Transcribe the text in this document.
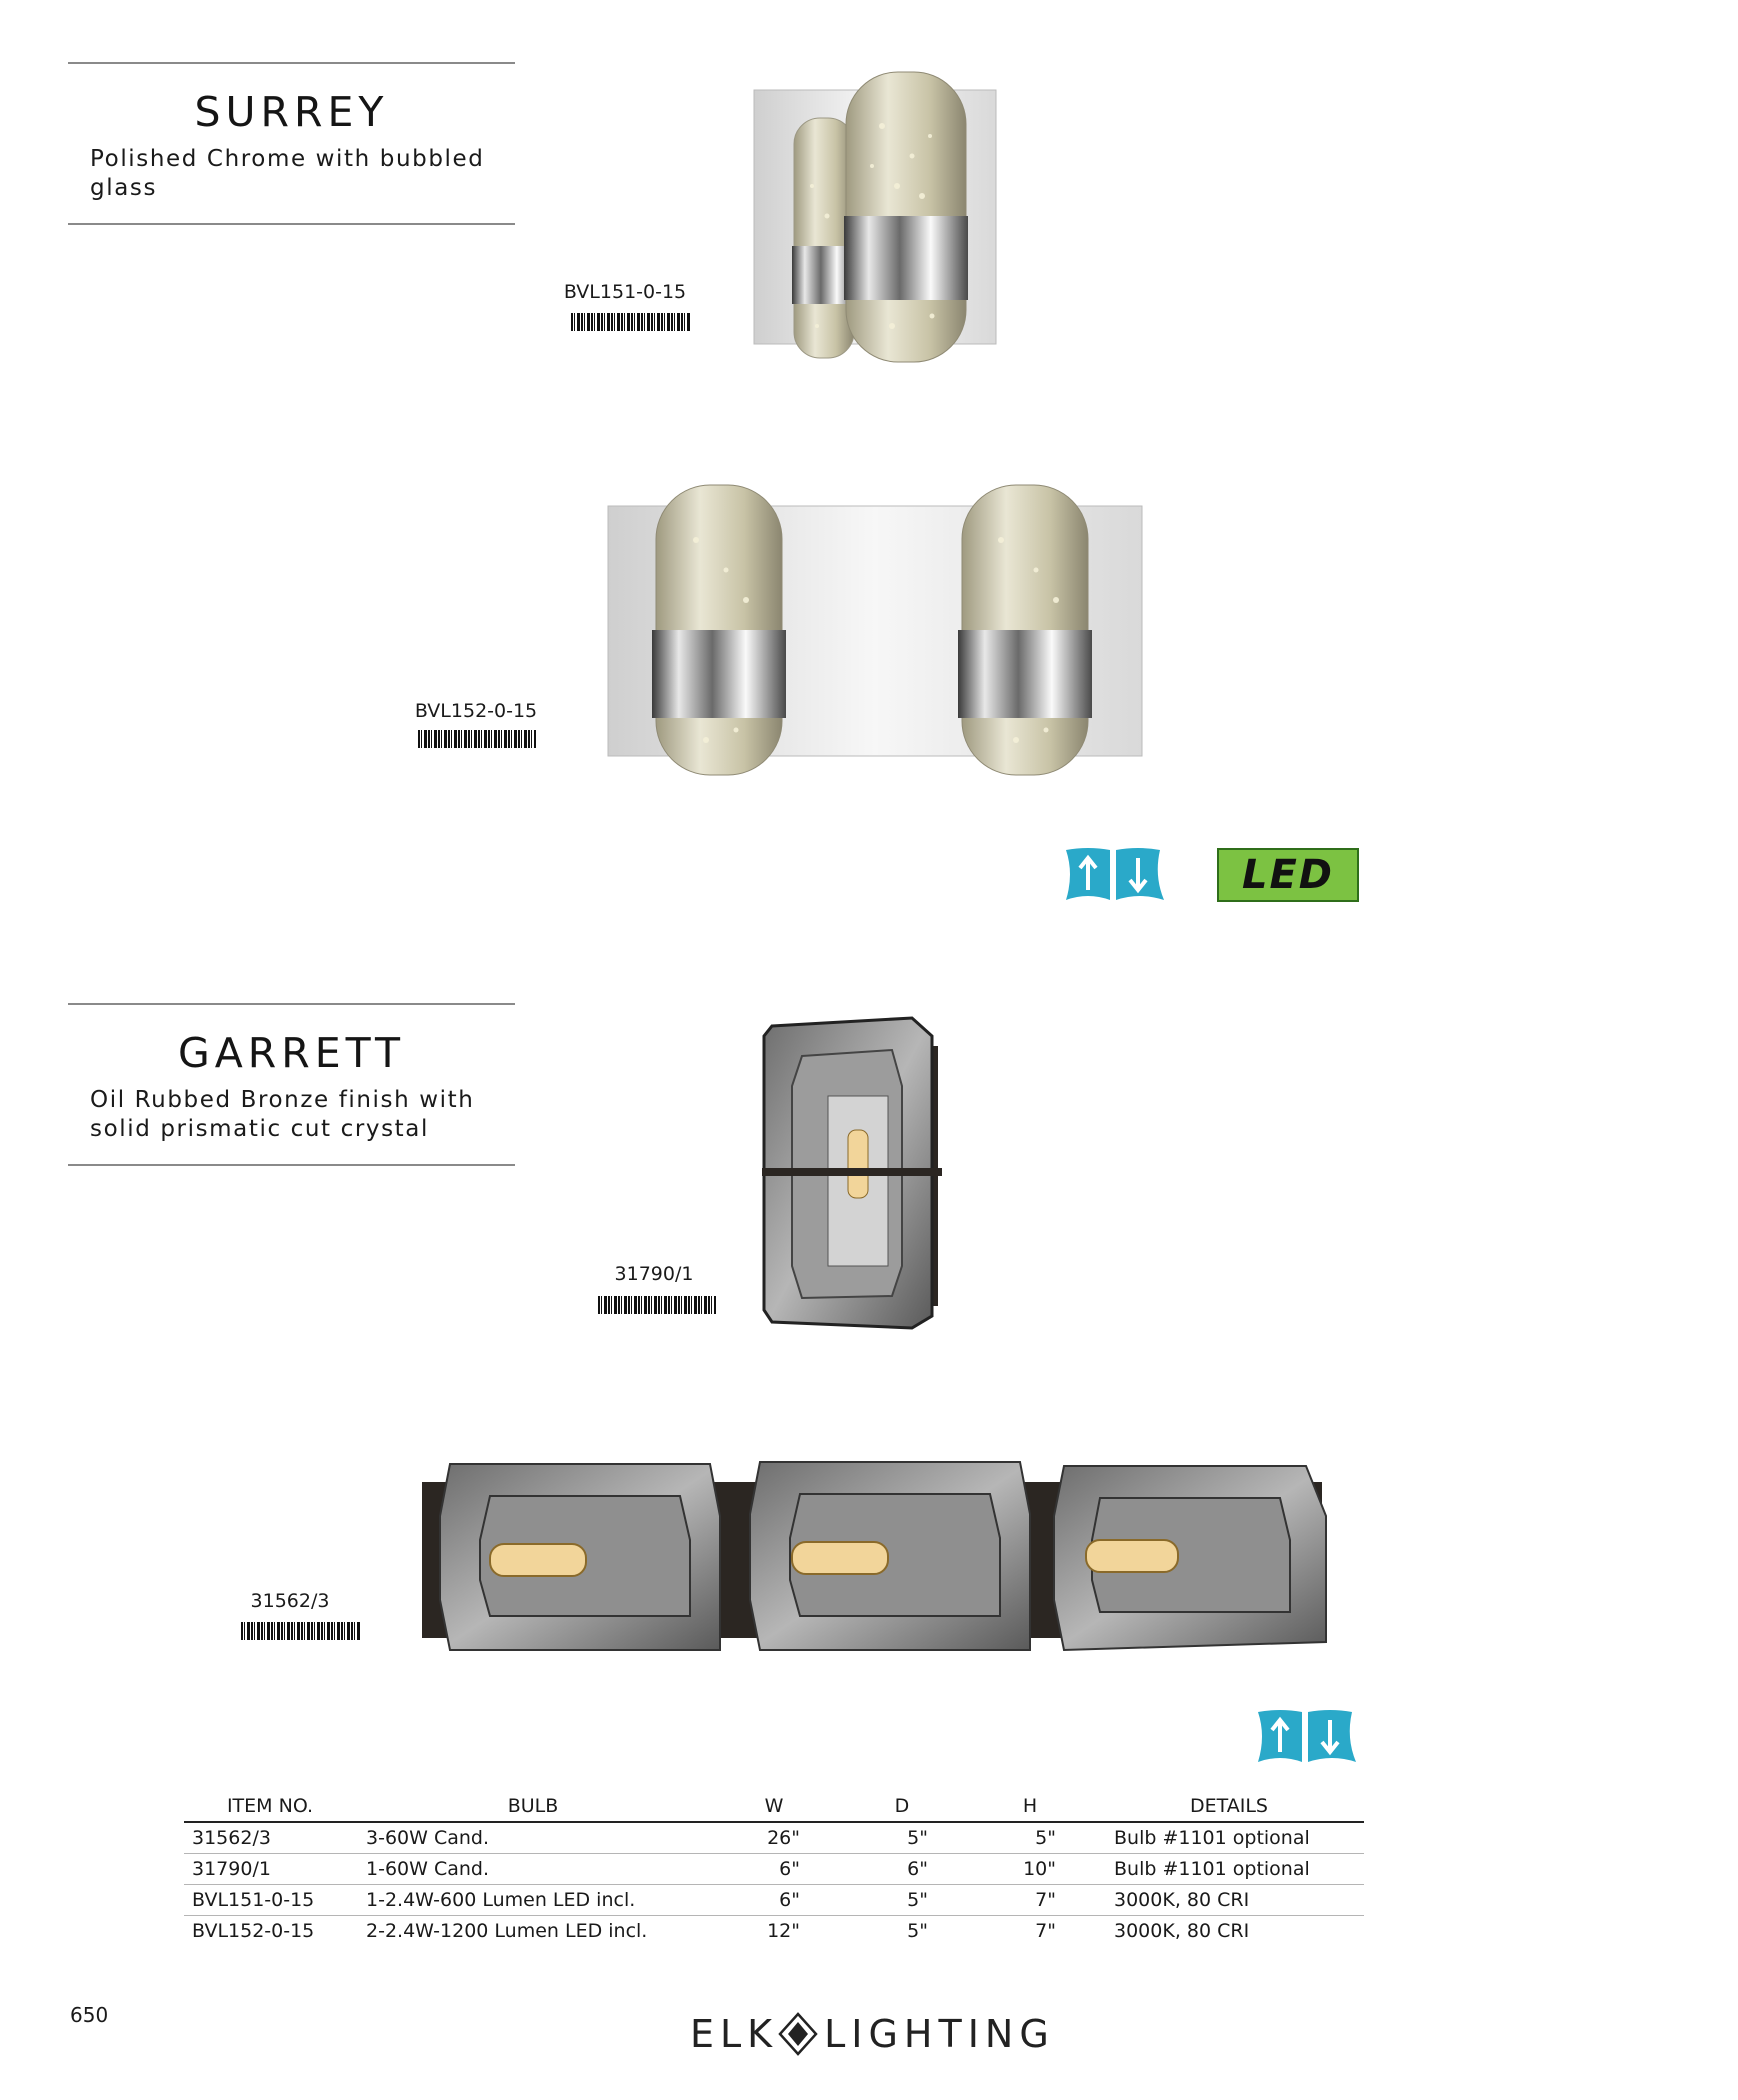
SURREY
Polished Chrome with bubbled
glass
BVL151-0-15
BVL152-0-15
LED
GARRETT
Oil Rubbed Bronze finish with
solid prismatic cut crystal
31790/1
31562/3
ITEM NO.	BULB	W	D	H	DETAILS
31562/3	3-60W Cand.	26"	5"	5"	Bulb #1101 optional
31790/1	1-60W Cand.	6"	6"	10"	Bulb #1101 optional
BVL151-0-15	1-2.4W-600 Lumen LED incl.	6"	5"	7"	3000K, 80 CRI
BVL152-0-15	2-2.4W-1200 Lumen LED incl.	12"	5"	7"	3000K, 80 CRI
650	ELK LIGHTING
